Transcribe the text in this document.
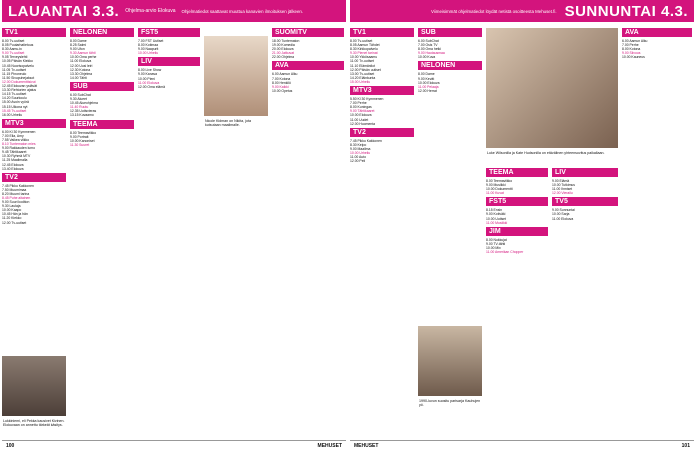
LAUANTAI 3.3. Ohjelma-arvio Elokuva Ohjelmatiedot saattavat muuttua kanavien ilmoituksen jälkeen.
TV1
8.00 Tv-uutiset
8.05 Puutarhatietous
8.30 Aamu-tv
9.00 Tv-uutiset
9.05 Terveyslehti
10.05 Päivän Kiekko
10.45 Nuorisopalvelu
11.05 Tv-uutiset
11.15 Pinoneulo
11.50 Sivupuhejaksot
12.00 Dokumenttisivut
12.45 Elokuvan ystävät
13.30 Rehtorien ajatus
14.15 Tv-uutiset
14.20 Suurkoulu
15.00 Avoin vyörä
15.15 Ulkona nyt
15.45 Tv-uutiset
16.00 Urheilu
MTV3
6.00 Kl 30 Kymmenen
7.00 Ella, Amy
7.55 Vaikea viikko
8.10 Tuntematon mies
9.00 Rakkauden lumo
9.45 Tähtikaaret
10.30 Ryhmä MTV
11.25 Maailmalla
12.45 Elokuva
13.40 Elokuva
TV2
7.45 Pikku Kakkonen
7.50 Muumimaa
8.20 Muumi tarina
8.45 Puhe aitainen
9.00 Suuri koditon
9.30 Laulaja
10.00 Kaapo
10.45 Hän ja hän
11.20 Kiekko
12.00 Tv-uutiset
NELONEN
8.00 Dame
8.25 Salmi
9.00 Ufon
9.30 Aamun tähti
10.00 Oma perhe
11.00 Elokuva
12.00 Uusi leiri
12.30 Kotona
13.30 Ohjelma
14.00 Tähti
SUB
6.00 SubChat
9.30 Alueet
10.45 Alueohjelma
11.40 Ruutu
12.35 Uutisvieras
13.15 Kuvaamo
TEEMA
8.00 Teemaviikko
9.00 Portrait
10.00 Kanoniset
11.30 Suuret
FST5
7.00 FST Uutiset
8.00 Kotimaa
9.00 Naapurit
10.00 Urheilu
LIV
8.00 Live Show
9.00 Kanava
10.00 Pieni
11.00 Elokuva
12.00 Oma elämä
SUOMITV
18.00 Tuntematon
19.00 Komedia
20.00 Elokuva
21.00 Jatkuvat
22.00 Ohjelma
AVA
6.00 Aamun Alku
7.00 Kotona
8.00 Henkilö
9.00 Kaikki
10.00 Opetus
Nicole Kidman on Nikita, jota kutsutaan maailmalle.
Lukkiniemi, eli Pekka kausivet Kivinen. Elokuvaan on annettu tärkeät käsitys.
100	MEHUSET
Viimeisimmät ohjelmatiedot löydät netistä osoitteesta Mehuset.fi. SUNNUNTAI 4.3.
TV1
8.00 Tv-uutiset
8.05 Aamun Tähdet
8.30 Kirkkopalvelu
9.30 Pienet tarinat
10.00 Ykkösaamu
11.00 Tv-uutiset
11.10 Elämänilot
12.00 Päivän uutiset
13.00 Tv-uutiset
14.20 Eläinkunta
15.00 Urheilu
MTV3
5.50 Kl 30 Kymmenen
7.00 Perhe
8.00 Kuningas
9.00 Tähtikaaret
10.00 Elokuva
11.00 Uudet
12.00 Huomenta
TV2
7.45 Pikku Kakkonen
8.30 Kelpo
9.00 Maailma
10.00 Urheilu
11.00 Auto
12.00 Peli
SUB
6.00 SubChat
7.00 Osis TV
8.00 Oma hetki
9.00 Hautausmaa
10.00 Kuva
NELONEN
8.00 Dame
9.00 Kevät
10.00 Elokuva
11.00 Pelaaja
12.00 Herrat
TEEMA
8.00 Teemaviikko
9.00 Musiikki
10.00 Dokumentti
11.00 Kuvat
FST5
8.15 Ensin
9.00 Kotiväki
10.00 Uutiset
11.00 Musiikki
JIM
8.00 Nukkujat
9.00 TV-tähti
10.00 Mix
11.00 Amerikan Chopper
LIV
9.00 Elämä
10.00 Tutkimus
11.00 Ihmiset
12.00 Vierailu
TV5
9.00 Sunnuntai
10.00 Sarja
11.00 Elokuva
AVA
6.00 Aamun Alku
7.00 Perhe
8.00 Kotona
9.00 Siivous
10.00 Kauneus
Luke Wilsonilla ja Kate Hudsonilla on etävälinen yhteensovitus paikallaan.
1990-luvun suositu parisarja Kauhujen yö.
MEHUSET	101
